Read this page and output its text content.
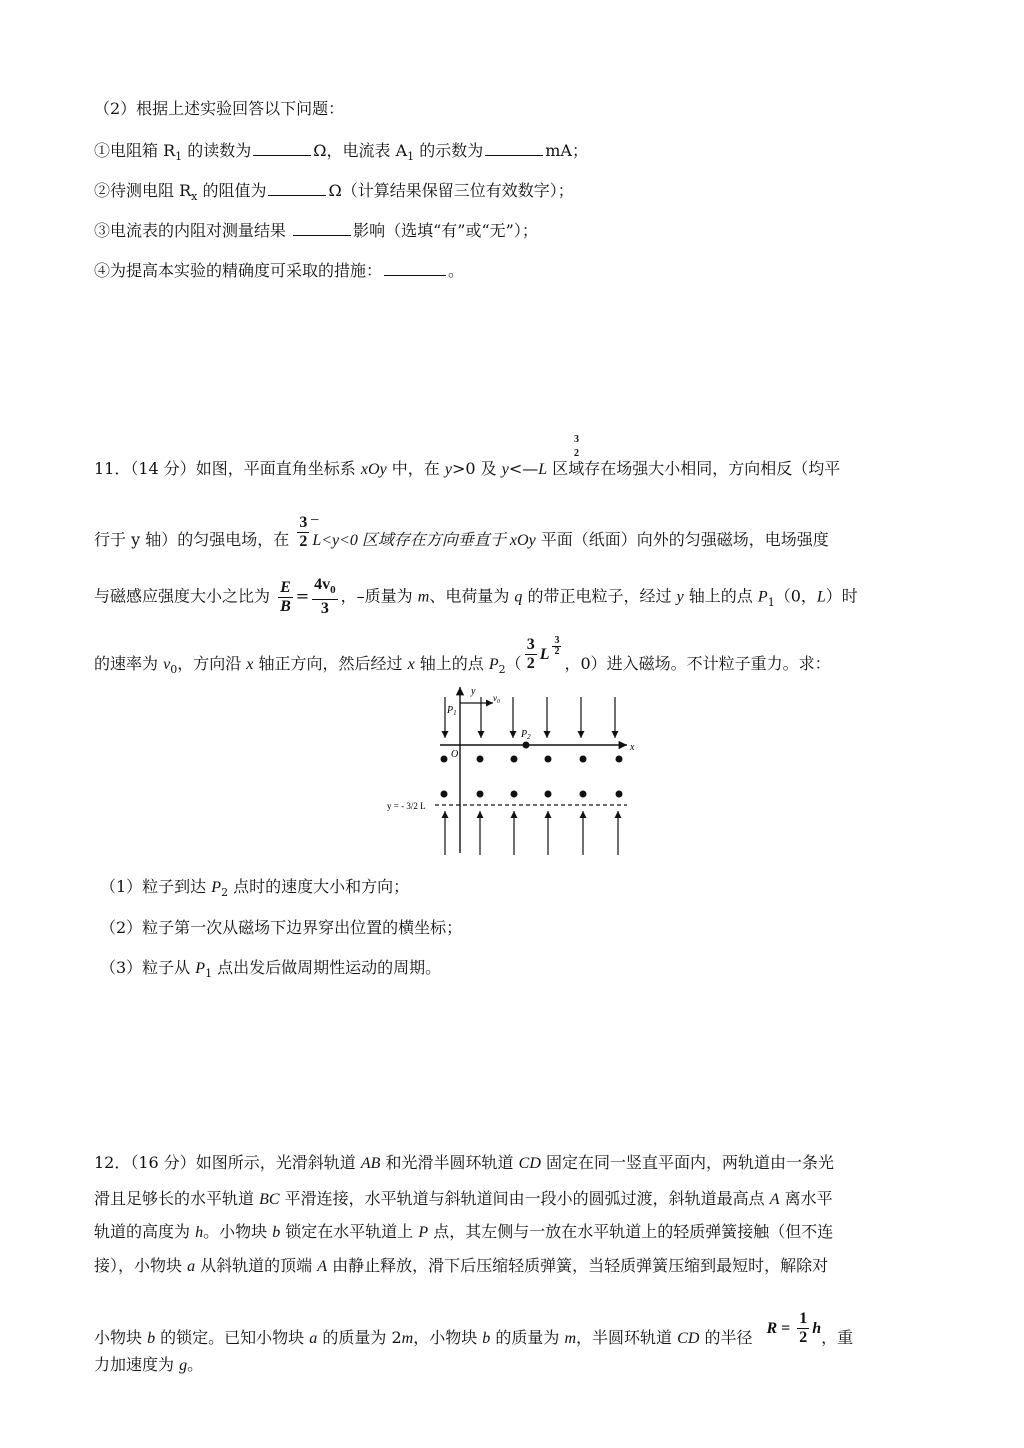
（2）根据上述实验回答以下问题：
①电阻箱 $R_1$ 的读数为	Ω，电流表 $A_1$ 的示数为	mA；
②待测电阻 $R_x$ 的阻值为	Ω（计算结果保留三位有效数字）；
③电流表的内阻对测量结果	影响（选填“有”或“无”）；
④为提高本实验的精确度可采取的措施：	。
11．（14 分）如图，平面直角坐标系 xOy 中，在 y>0 及 y<—L 区域存在场强大小相同，方向相反（均平
3
2
行于 y 轴）的匀强电场，在 $\frac{3}{2} L<y<0$ 区域存在方向垂直于 xOy 平面（纸面）向外的匀强磁场，电场强度
−
与磁感应强度大小之比为 $\frac{E}{B} = \frac{4v_0}{3}$ ，–质量为 m、电荷量为 q 的带正电粒子，经过 y 轴上的点 $P_1(0$，L）时
的速率为 $v_0$，方向沿 x 轴正方向，然后经过 x 轴上的点 $P_2( \frac{3}{2}$ L $\frac{3}{2}$
，0）进入磁场。不计粒子重力。求：
y
x
O
$P_1$
$P_2$
$v_0$
y = - 3/2 L
（1）粒子到达 $P_2$ 点时的速度大小和方向；
（2）粒子第一次从磁场下边界穿出位置的横坐标；
（3）粒子从 $P_1$ 点出发后做周期性运动的周期。
12．（16 分）如图所示，光滑斜轨道 AB 和光滑半圆环轨道 CD 固定在同一竖直平面内，两轨道由一条光
滑且足够长的水平轨道 BC 平滑连接，水平轨道与斜轨道间由一段小的圆弧过渡，斜轨道最高点 A 离水平
轨道的高度为 h。小物块 b 锁定在水平轨道上 P 点，其左侧与一放在水平轨道上的轻质弹簧接触（但不连
接），小物块 a 从斜轨道的顶端 A 由静止释放，滑下后压缩轻质弹簧，当轻质弹簧压缩到最短时，解除对
小物块 b 的锁定。已知小物块 a 的质量为 2m，小物块 b 的质量为 m，半圆环轨道 CD 的半径 $R = \frac{1}{2}$ h，重
力加速度为 g。
